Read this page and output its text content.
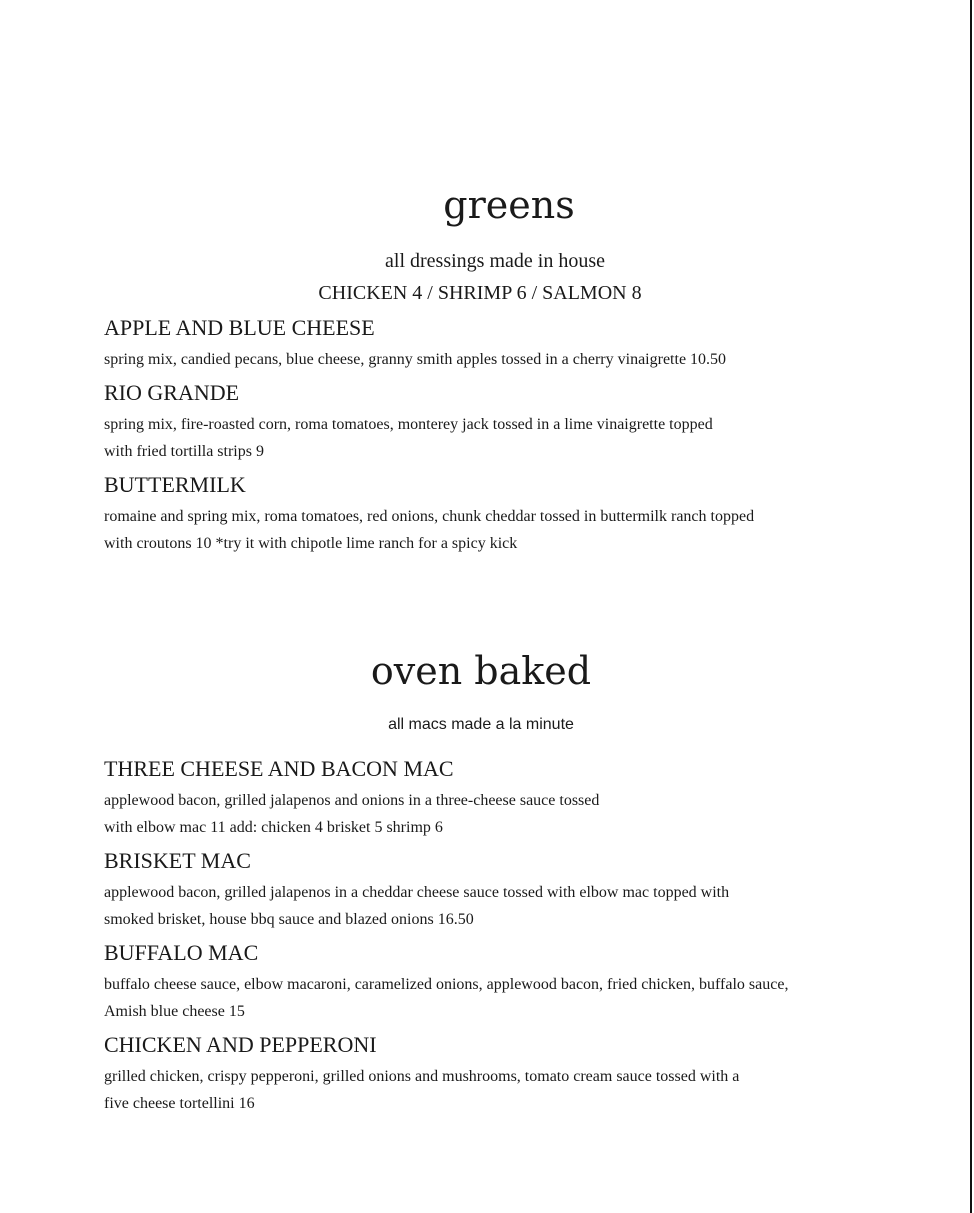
greens

all dressings made in house

CHICKEN 4 / SHRIMP 6 / SALMON 8

APPLE AND BLUE CHEESE

spring mix, candied pecans, blue cheese, granny smith apples tossed in a cherry vinaigrette 10.50

RIO GRANDE

spring mix, fire-roasted corn, roma tomatoes, monterey jack tossed in a lime vinaigrette topped
with fried tortilla strips 9

BUTTERMILK

romaine and spring mix, roma tomatoes, red onions, chunk cheddar tossed in buttermilk ranch topped
with croutons 10 *try it with chipotle lime ranch for a spicy kick

oven baked

all macs made a la minute

THREE CHEESE AND BACON MAC

applewood bacon, grilled jalapenos and onions in a three-cheese sauce tossed
with elbow mac 11 add: chicken 4 brisket 5 shrimp 6

BRISKET MAC

applewood bacon, grilled jalapenos in a cheddar cheese sauce tossed with elbow mac topped with
smoked brisket, house bbq sauce and blazed onions 16.50

BUFFALO MAC

buffalo cheese sauce, elbow macaroni, caramelized onions, applewood bacon, fried chicken, buffalo sauce,
Amish blue cheese 15

CHICKEN AND PEPPERONI

grilled chicken, crispy pepperoni, grilled onions and mushrooms, tomato cream sauce tossed with a
five cheese tortellini 16
